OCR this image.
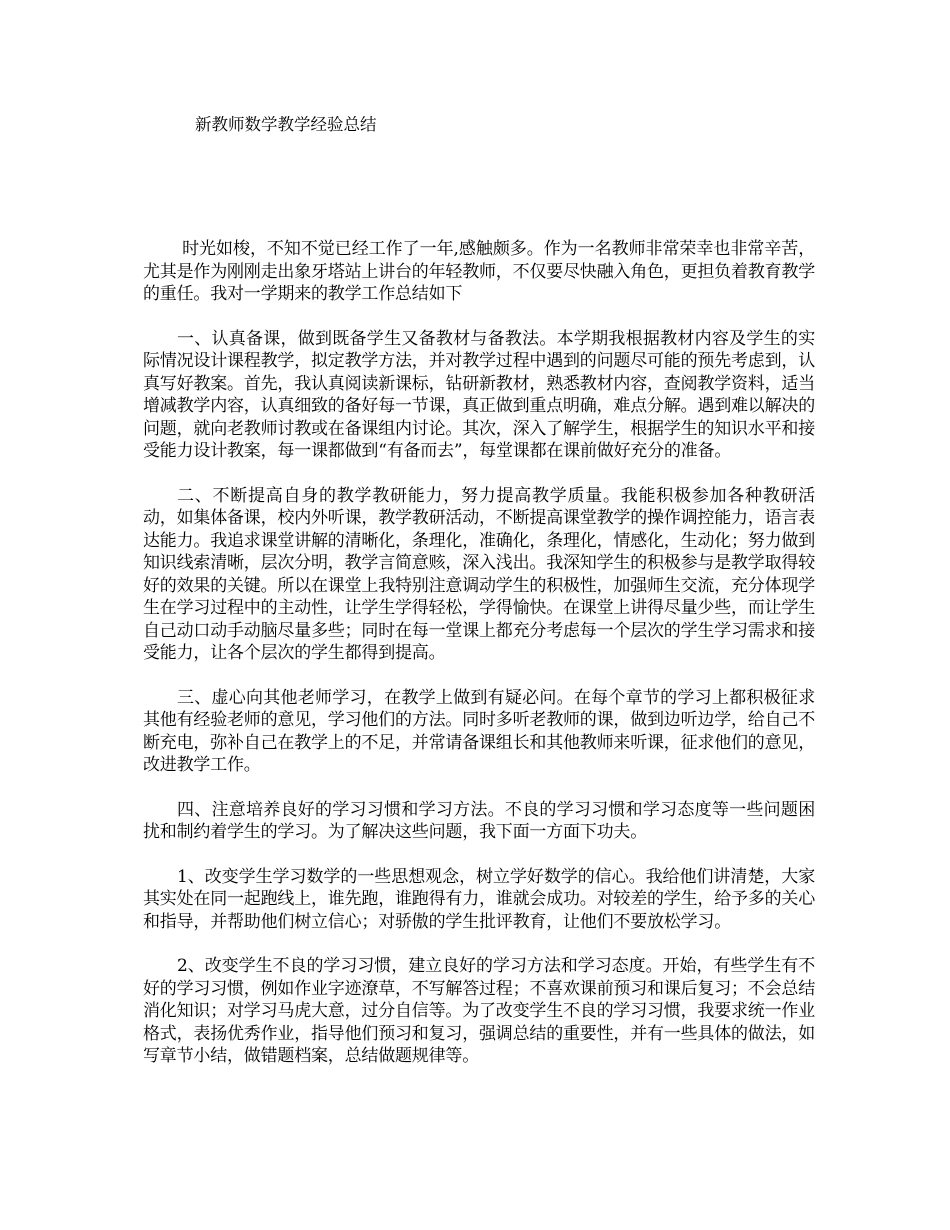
新教师数学教学经验总结

时光如梭，不知不觉已经工作了一年,感触颇多。作为一名教师非常荣幸也非常辛苦，尤其是作为刚刚走出象牙塔站上讲台的年轻教师，不仅要尽快融入角色，更担负着教育教学的重任。我对一学期来的教学工作总结如下

一、认真备课，做到既备学生又备教材与备教法。本学期我根据教材内容及学生的实际情况设计课程教学，拟定教学方法，并对教学过程中遇到的问题尽可能的预先考虑到，认真写好教案。首先，我认真阅读新课标，钻研新教材，熟悉教材内容，查阅教学资料，适当增减教学内容，认真细致的备好每一节课，真正做到重点明确，难点分解。遇到难以解决的问题，就向老教师讨教或在备课组内讨论。其次，深入了解学生，根据学生的知识水平和接受能力设计教案，每一课都做到“有备而去”，每堂课都在课前做好充分的准备。

二、不断提高自身的教学教研能力，努力提高教学质量。我能积极参加各种教研活动，如集体备课，校内外听课，教学教研活动，不断提高课堂教学的操作调控能力，语言表达能力。我追求课堂讲解的清晰化，条理化，准确化，条理化，情感化，生动化；努力做到知识线索清晰，层次分明，教学言简意赅，深入浅出。我深知学生的积极参与是教学取得较好的效果的关键。所以在课堂上我特别注意调动学生的积极性，加强师生交流，充分体现学生在学习过程中的主动性，让学生学得轻松，学得愉快。在课堂上讲得尽量少些，而让学生自己动口动手动脑尽量多些；同时在每一堂课上都充分考虑每一个层次的学生学习需求和接受能力，让各个层次的学生都得到提高。

三、虚心向其他老师学习，在教学上做到有疑必问。在每个章节的学习上都积极征求其他有经验老师的意见，学习他们的方法。同时多听老教师的课，做到边听边学，给自己不断充电，弥补自己在教学上的不足，并常请备课组长和其他教师来听课，征求他们的意见，改进教学工作。

四、注意培养良好的学习习惯和学习方法。不良的学习习惯和学习态度等一些问题困扰和制约着学生的学习。为了解决这些问题，我下面一方面下功夫。

1、改变学生学习数学的一些思想观念，树立学好数学的信心。我给他们讲清楚，大家其实处在同一起跑线上，谁先跑，谁跑得有力，谁就会成功。对较差的学生，给予多的关心和指导，并帮助他们树立信心；对骄傲的学生批评教育，让他们不要放松学习。

2、改变学生不良的学习习惯，建立良好的学习方法和学习态度。开始，有些学生有不好的学习习惯，例如作业字迹潦草，不写解答过程；不喜欢课前预习和课后复习；不会总结消化知识；对学习马虎大意，过分自信等。为了改变学生不良的学习习惯，我要求统一作业格式，表扬优秀作业，指导他们预习和复习，强调总结的重要性，并有一些具体的做法，如写章节小结，做错题档案，总结做题规律等。
